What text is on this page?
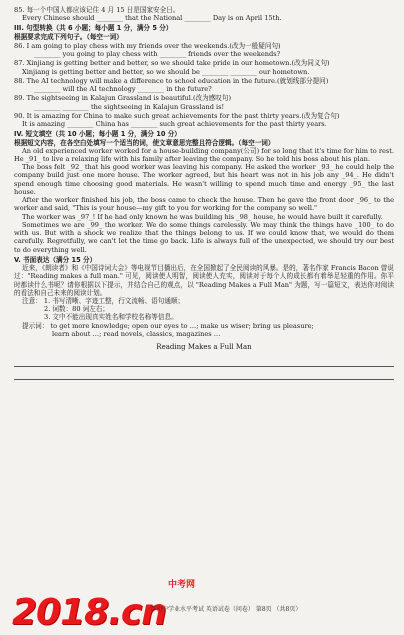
85. 每一个中国人都应该记住 4 月 15 日是国家安全日。
Every Chinese should ________ that the National ________ Day is on April 15th.
III. 句型转换（共 6 小题；每小题 1 分，满分 5 分）
根据要求完成下列句子。（每空一词）
86. I am going to play chess with my friends over the weekends.(改为一般疑问句)
________ you going to play chess with ________ friends over the weekends?
87. Xinjiang is getting better and better, so we should take pride in our hometown.(改为同义句)
Xinjiang is getting better and better, so we should be ________ ________ our hometown.
88. The AI technology will make a difference to school education in the future.(就划线部分提问)
________ will the AI technology ________ in the future?
89. The sightseeing in Kalajun Grassland is beautiful.(改为感叹句)
________ ________ the sightseeing in Kalajun Grassland is!
90. It is amazing for China to make such great achievements for the past thirty years.(改为复合句)
It is amazing ________ China has ________ such great achievements for the past thirty years.
IV. 短文填空（共 10 小题；每小题 1 分，满分 10 分）
根据短文内容，在各空白处填写一个适当的词，使文章意思完整且符合逻辑。（每空一词）

An old experienced worker worked for a house-building company(公司) for so long that it's time for him to rest. He _91_ to live a relaxing life with his family after leaving the company. So he told his boss about his plan.

The boss felt _92_ that his good worker was leaving his company. He asked the worker _93_ he could help the company build just one more house. The worker agreed, but his heart was not in his job any _94_. He didn't spend enough time choosing good materials. He wasn't willing to spend much time and energy _95_ the last house.

After the worker finished his job, the boss came to check the house. Then he gave the front door _96_ to the worker and said, "This is your house—my gift to you for working for the company so well."

The worker was _97_! If he had only known he was building his _98_ house, he would have built it carefully.

Sometimes we are _99_ the worker. We do some things carelessly. We may think the things have _100_ to do with us. But with a shock we realize that the things belong to us. If we could know that, we would do them carefully. Regretfully, we can't let the time go back. Life is always full of the unexpected, we should try our best to do everything well.

V. 书面表达（满分 15 分）

近来，《朗读者》和《中国诗词大会》等电视节目播出后，在全国掀起了全民阅读的风暴。是的，著名作家 Francis Bacon 曾说过："Reading makes a full man." 可见，阅读使人明智，阅读使人充实，阅读对于每个人的成长都有着举足轻重的作用。你平时都读什么书呢？请你根据以下提示，并结合自己的观点，以 "Reading Makes a Full Man" 为题，写一篇短文，表达你对阅读的看法和自己未来的阅读计划。

注意： 1. 书写清晰、字迹工整，行文流畅、语句通顺；
2. 词数：80 词左右；
3. 文中不能出现真实姓名和学校名称等信息。
提示词： to get more knowledge; open our eyes to …; make us wiser; bring us pleasure;
learn about …; read novels, classics, magazines …
Reading Makes a Full Man
2018.cn
中考网
年初中学业水平考试 英语试卷（问卷） 第8页 （共8页）
